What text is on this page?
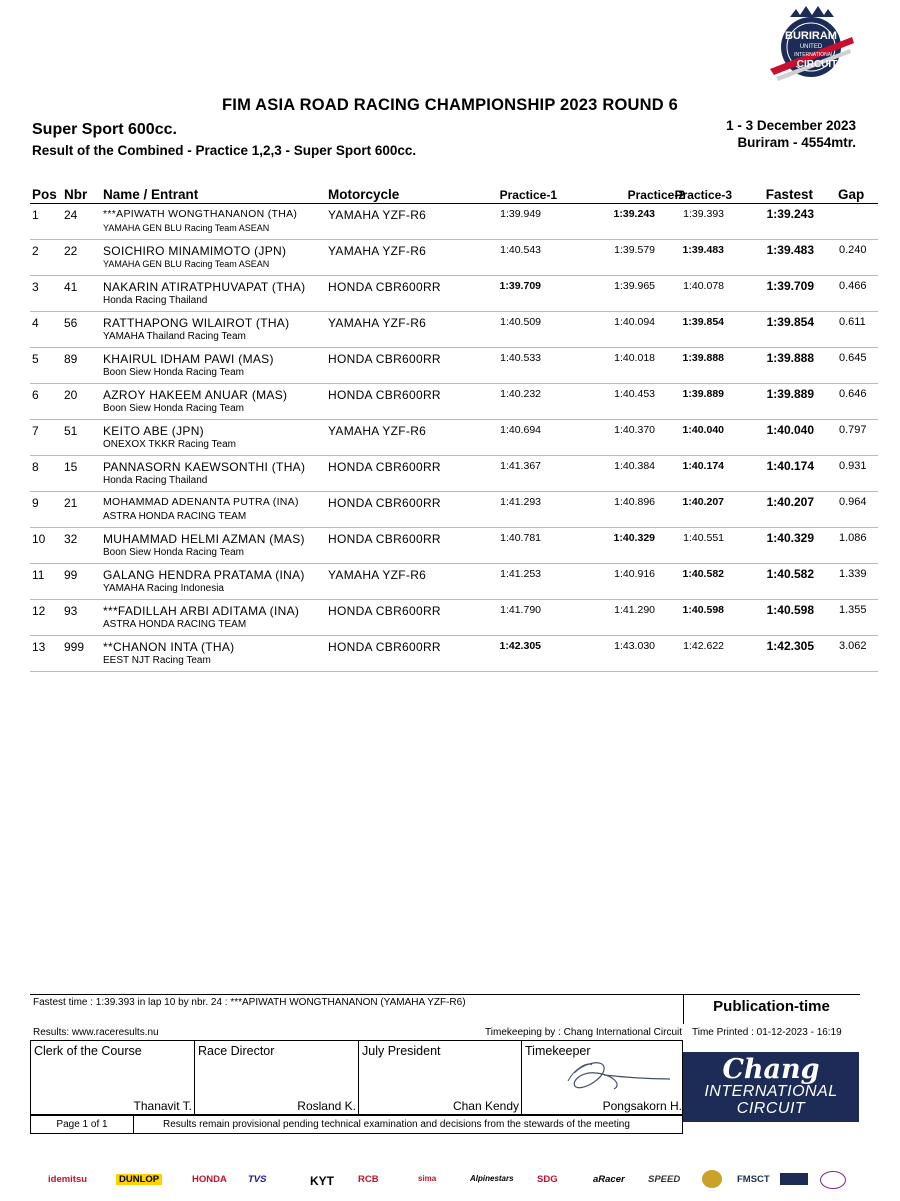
BURIRAM
UNITED
INTERNATIONAL
CIRCUIT
FIM ASIA ROAD RACING CHAMPIONSHIP 2023 ROUND 6
Super Sport 600cc.
Result of the Combined - Practice 1,2,3 - Super Sport 600cc.
1 - 3 December 2023
Buriram - 4554mtr.
Pos Nbr Name / Entrant	Motorcycle	Practice-1	Practice-2
Practice-3 Fastest Gap
1 24 ***APIWATH WONGTHANANON (THA)
YAMAHA GEN BLU Racing Team ASEAN
YAMAHA YZF-R6	1:39.949	1:39.243	1:39.393	1:39.243
2 22 SOICHIRO MINAMIMOTO (JPN)
YAMAHA GEN BLU Racing Team ASEAN
YAMAHA YZF-R6	1:40.543	1:39.579	1:39.483	1:39.483 0.240
3 41 NAKARIN ATIRATPHUVAPAT (THA)
Honda Racing Thailand
HONDA CBR600RR	1:39.709	1:39.965	1:40.078	1:39.709 0.466
4 56 RATTHAPONG WILAIROT (THA)
YAMAHA Thailand Racing Team
YAMAHA YZF-R6	1:40.509	1:40.094	1:39.854	1:39.854 0.611
5 89 KHAIRUL IDHAM PAWI (MAS)
Boon Siew Honda Racing Team
HONDA CBR600RR	1:40.533	1:40.018	1:39.888	1:39.888 0.645
6 20 AZROY HAKEEM ANUAR (MAS)
Boon Siew Honda Racing Team
HONDA CBR600RR	1:40.232	1:40.453	1:39.889	1:39.889 0.646
7 51 KEITO ABE (JPN)
ONEXOX TKKR Racing Team
YAMAHA YZF-R6	1:40.694	1:40.370	1:40.040	1:40.040 0.797
8 15 PANNASORN KAEWSONTHI (THA)
Honda Racing Thailand
HONDA CBR600RR	1:41.367	1:40.384	1:40.174	1:40.174 0.931
9 21 MOHAMMAD ADENANTA PUTRA (INA)
ASTRA HONDA RACING TEAM
HONDA CBR600RR	1:41.293	1:40.896	1:40.207	1:40.207 0.964
10 32 MUHAMMAD HELMI AZMAN (MAS)
Boon Siew Honda Racing Team
HONDA CBR600RR	1:40.781	1:40.329	1:40.551	1:40.329 1.086
11 99 GALANG HENDRA PRATAMA (INA)
YAMAHA Racing Indonesia
YAMAHA YZF-R6	1:41.253	1:40.916	1:40.582	1:40.582 1.339
12 93 ***FADILLAH ARBI ADITAMA (INA)
ASTRA HONDA RACING TEAM
HONDA CBR600RR	1:41.790	1:41.290	1:40.598	1:40.598 1.355
13 999 **CHANON INTA (THA)
EEST NJT Racing Team
HONDA CBR600RR	1:42.305	1:43.030	1:42.622	1:42.305 3.062
Fastest time : 1:39.393 in lap 10 by nbr. 24 : ***APIWATH WONGTHANANON (YAMAHA YZF-R6)	Publication-time
Results: www.raceresults.nu	Timekeeping by : Chang International Circuit Time Printed : 01-12-2023 - 16:19
Clerk of the Course
Thanavit T.
Race Director
Rosland K.
July President
Chan Kendy
Timekeeper
Pongsakorn H.
Chang
INTERNATIONAL
CIRCUIT
Page 1 of 1	Results remain provisional pending technical examination and decisions from the stewards of the meeting
idemitsu	DUNLOP	HONDA TVS	KYT	RCB	sima	Alpinestars SDG	aRacer SPEED	FMSCT
